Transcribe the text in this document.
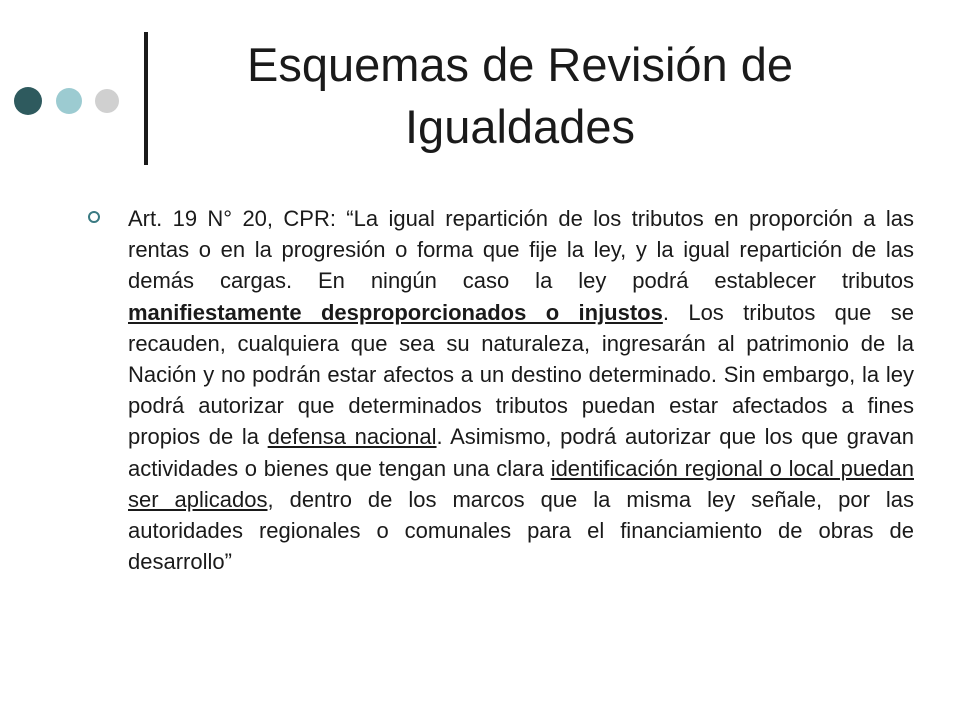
Esquemas de Revisión de Igualdades

Art. 19 N° 20, CPR: “La igual repartición de los tributos en proporción a las rentas o en la progresión o forma que fije la ley, y la igual repartición de las demás cargas. En ningún caso la ley podrá establecer tributos manifiestamente desproporcionados o injustos. Los tributos que se recauden, cualquiera que sea su naturaleza, ingresarán al patrimonio de la Nación y no podrán estar afectos a un destino determinado. Sin embargo, la ley podrá autorizar que determinados tributos puedan estar afectados a fines propios de la defensa nacional. Asimismo, podrá autorizar que los que gravan actividades o bienes que tengan una clara identificación regional o local puedan ser aplicados, dentro de los marcos que la misma ley señale, por las autoridades regionales o comunales para el financiamiento de obras de desarrollo”
